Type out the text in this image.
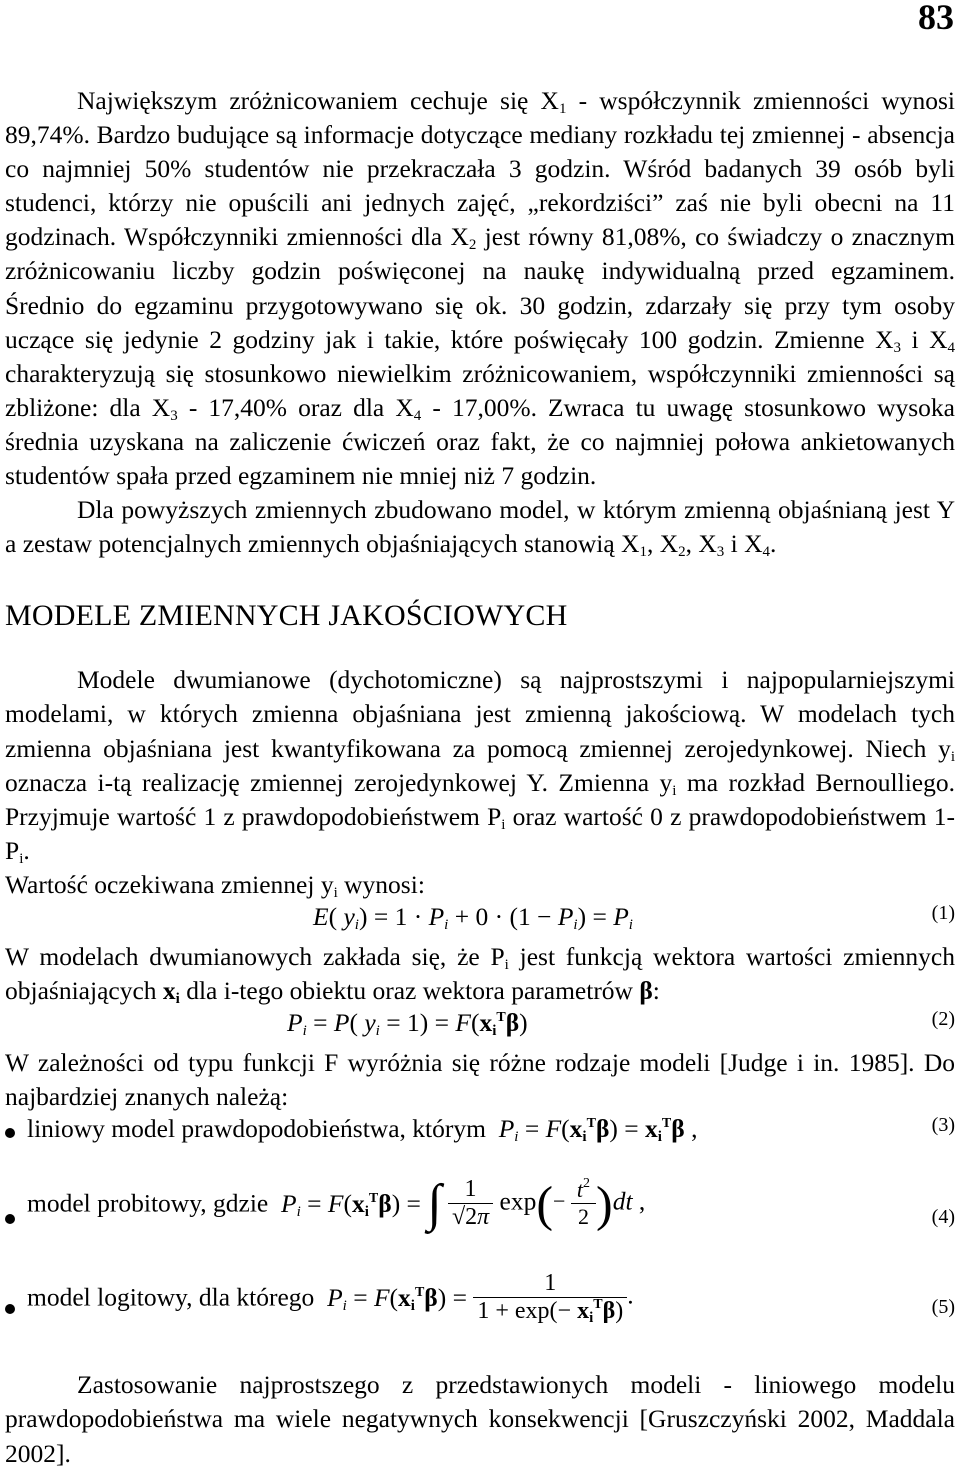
83

Największym zróżnicowaniem cechuje się $X_1$ - współczynnik zmienności wynosi 89,74%. Bardzo budujące są informacje dotyczące mediany rozkładu tej zmiennej - absencja co najmniej 50% studentów nie przekraczała 3 godzin. Wśród badanych 39 osób byli studenci, którzy nie opuścili ani jednych zajęć, „rekordziści” zaś nie byli obecni na 11 godzinach. Współczynniki zmienności dla $X_2$ jest równy 81,08%, co świadczy o znacznym zróżnicowaniu liczby godzin poświęconej na naukę indywidualną przed egzaminem. Średnio do egzaminu przygotowywano się ok. 30 godzin, zdarzały się przy tym osoby uczące się jedynie 2 godziny jak i takie, które poświęcały 100 godzin. Zmienne $X_3$ i $X_4$ charakteryzują się stosunkowo niewielkim zróżnicowaniem, współczynniki zmienności są zbliżone: dla $X_3 - 17,40\%$ oraz dla $X_4 - 17,00\%$. Zwraca tu uwagę stosunkowo wysoka średnia uzyskana na zaliczenie ćwiczeń oraz fakt, że co najmniej połowa ankietowanych studentów spała przed egzaminem nie mniej niż 7 godzin.

Dla powyższych zmiennych zbudowano model, w którym zmienną objaśnianą jest Y a zestaw potencjalnych zmiennych objaśniających stanowią $X_1$, $X_2$, $X_3$ i $X_4$.

MODELE ZMIENNYCH JAKOŚCIOWYCH

Modele dwumianowe (dychotomiczne) są najprostszymi i najpopularniejszymi modelami, w których zmienna objaśniana jest zmienną jakościową. W modelach tych zmienna objaśniana jest kwantyfikowana za pomocą zmiennej zerojedynkowej. Niech $y_i$ oznacza i-tą realizację zmiennej zerojedynkowej Y. Zmienna $y_i$ ma rozkład Bernoulliego. Przyjmuje wartość 1 z prawdopodobieństwem $P_i$ oraz wartość 0 z prawdopodobieństwem $1-P_i$.

Wartość oczekiwana zmiennej $y_i$ wynosi:

E( $y_i) = 1 \cdot P_i + 0 \cdot (1 - P_i) = P_i$
(1)

W modelach dwumianowych zakłada się, że $P_i$ jest funkcją wektora wartości zmiennych objaśniających $x_i$ dla i-tego obiektu oraz wektora parametrów β:

$P_i = P$( $y_i = 1) = F(x_i^T\beta)$	(2)

W zależności od typu funkcji F wyróżnia się różne rodzaje modeli [Judge i in. 1985]. Do najbardziej znanych należą:

liniowy model prawdopodobieństwa, którym $P_i = F(x_i^T\beta) = x_i^T\beta$ ,	(3)
model probitowy, gdzie $P_i = F(x_i^T\beta)$ = ∫ $\frac{1}{√2\pi} \exp(- \frac{t^2}{2} )dt$ ,
(4)
model logitowy, dla którego $P_i = F(x_i^T\beta) = \frac{1}{1 + \exp(- x_i^T\beta)}$ .	(5)

Zastosowanie najprostszego z przedstawionych modeli - liniowego modelu prawdopodobieństwa ma wiele negatywnych konsekwencji [Gruszczyński 2002, Maddala 2002].
